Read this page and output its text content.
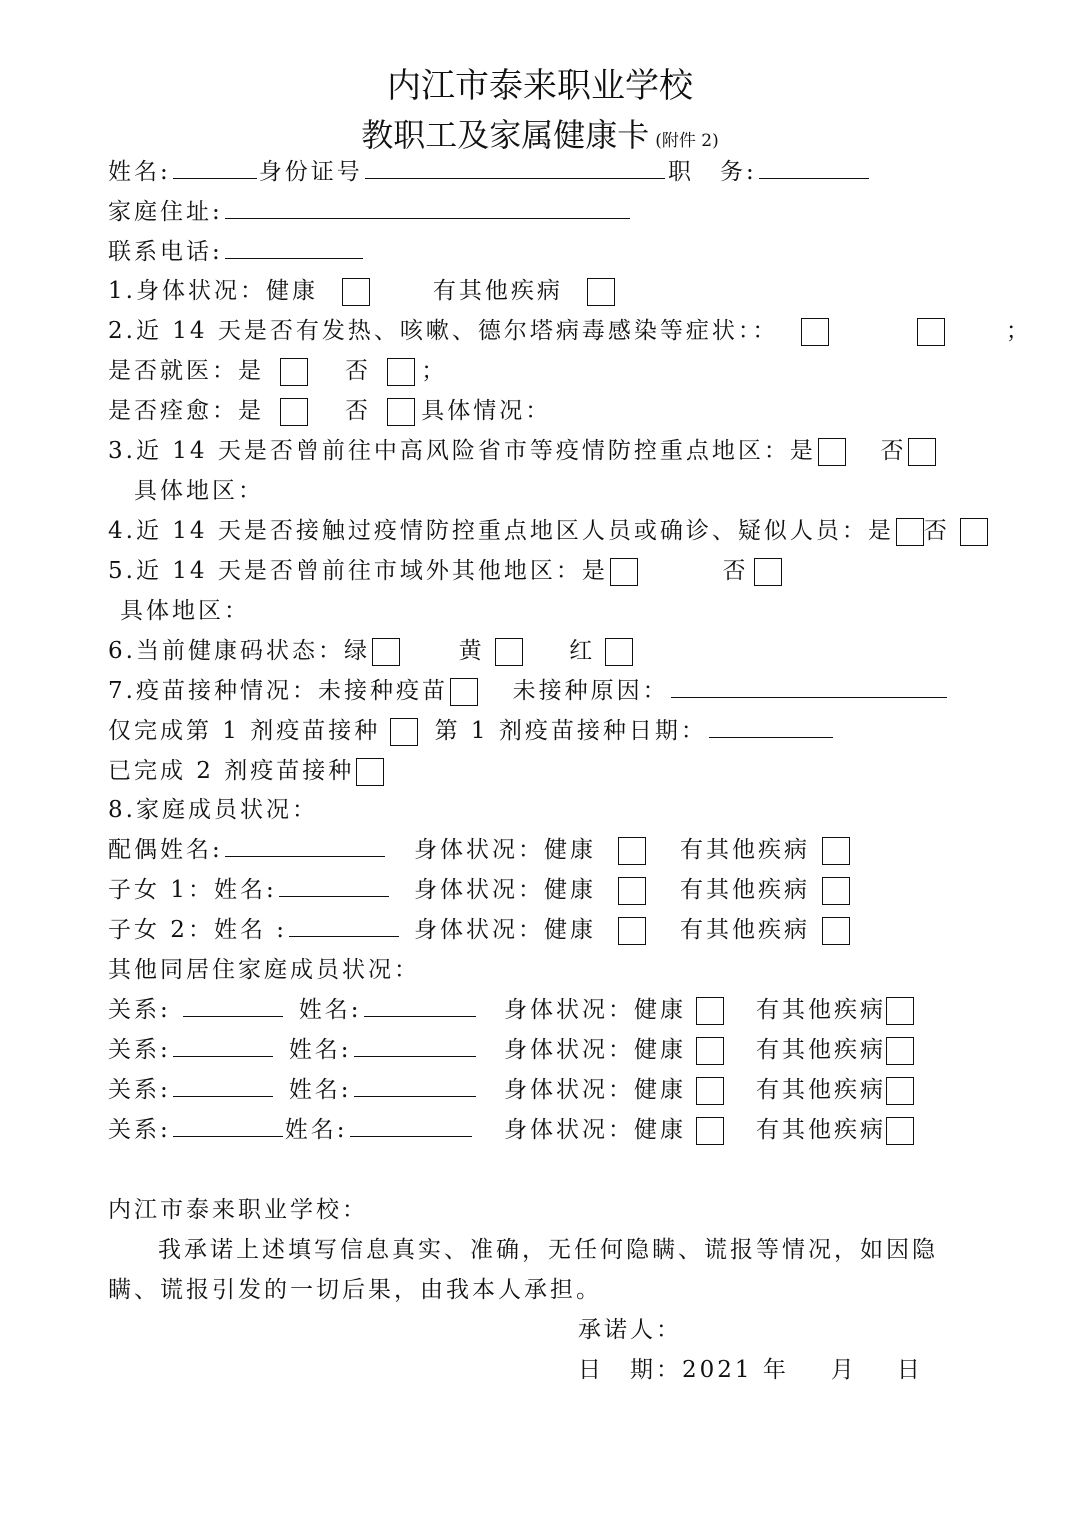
内江市泰来职业学校
教职工及家属健康卡 (附件 2)
姓名:	身份证号	职　务:
家庭住址:
联系电话:
1.身体状况：健康	有其他疾病
2.近 14 天是否有发热、咳嗽、德尔塔病毒感染等症状：：	；
是否就医：是	否 ；
是否痊愈：是	否 具体情况：
3.近 14 天是否曾前往中高风险省市等疫情防控重点地区：是	否
具体地区：
4.近 14 天是否接触过疫情防控重点地区人员或确诊、疑似人员：是 否
5.近 14 天是否曾前往市域外其他地区：是	否
具体地区：
6.当前健康码状态：绿	黄	红
7.疫苗接种情况：未接种疫苗	未接种原因：
仅完成第 1 剂疫苗接种 第 1 剂疫苗接种日期：
已完成 2 剂疫苗接种
8.家庭成员状况：
配偶姓名:	身体状况：健康	有其他疾病
子女 1：姓名:	身体状况：健康	有其他疾病
子女 2：姓名 :	身体状况：健康	有其他疾病
其他同居住家庭成员状况：
关系:	姓名:	身体状况：健康	有其他疾病
关系:	姓名:	身体状况：健康	有其他疾病
关系:	姓名:	身体状况：健康	有其他疾病
关系:	姓名:	身体状况：健康	有其他疾病
内江市泰来职业学校：
我承诺上述填写信息真实、准确，无任何隐瞒、谎报等情况，如因隐瞒、谎报引发的一切后果，由我本人承担。
承诺人：
日　期：2021 年 月 日
